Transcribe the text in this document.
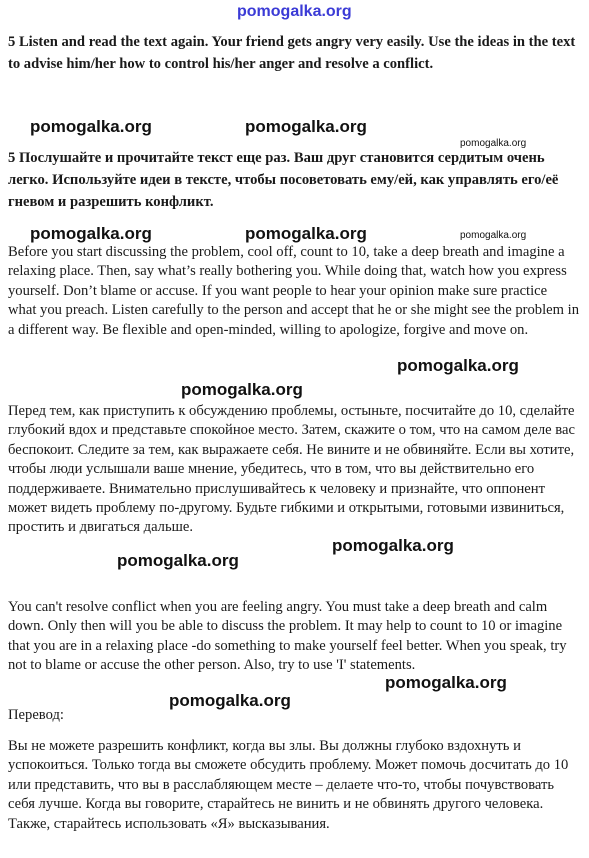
pomogalka.org

5 Listen and read the text again. Your friend gets angry very easily. Use the ideas in the text to advise him/her how to control his/her anger and resolve a conflict.

pomogalka.org	pomogalka.org
pomogalka.org

5 Послушайте и прочитайте текст еще раз. Ваш друг становится сердитым очень легко. Используйте идеи в тексте, чтобы посоветовать ему/ей, как управлять его/её гневом и разрешить конфликт.

pomogalka.org	pomogalka.org	pomogalka.org

Before you start discussing the problem, cool off, count to 10, take a deep breath and imagine a relaxing place. Then, say what’s really bothering you. While doing that, watch how you express yourself. Don’t blame or accuse. If you want people to hear your opinion make sure practice what you preach. Listen carefully to the person and accept that he or she might see the problem in a different way. Be flexible and open-minded, willing to apologize, forgive and move on.

pomogalka.org
pomogalka.org

Перед тем, как приступить к обсуждению проблемы, остыньте, посчитайте до 10, сделайте глубокий вдох и представьте спокойное место. Затем, скажите о том, что на самом деле вас беспокоит. Следите за тем, как выражаете себя. Не вините и не обвиняйте. Если вы хотите, чтобы люди услышали ваше мнение, убедитесь, что в том, что вы действительно его поддерживаете. Внимательно прислушивайтесь к человеку и признайте, что оппонент может видеть проблему по-другому. Будьте гибкими и открытыми, готовыми извиниться, простить и двигаться дальше.

pomogalka.org
pomogalka.org

You can't resolve conflict when you are feeling angry. You must take a deep breath and calm down. Only then will you be able to discuss the problem. It may help to count to 10 or imagine that you are in a relaxing place -do something to make yourself feel better. When you speak, try not to blame or accuse the other person. Also, try to use 'I' statements.

pomogalka.org
pomogalka.org
Перевод:

Вы не можете разрешить конфликт, когда вы злы. Вы должны глубоко вздохнуть и успокоиться. Только тогда вы сможете обсудить проблему. Может помочь досчитать до 10 или представить, что вы в расслабляющем месте – делаете что-то, чтобы почувствовать себя лучше. Когда вы говорите, старайтесь не винить и не обвинять другого человека. Также, старайтесь использовать «Я» высказывания.
